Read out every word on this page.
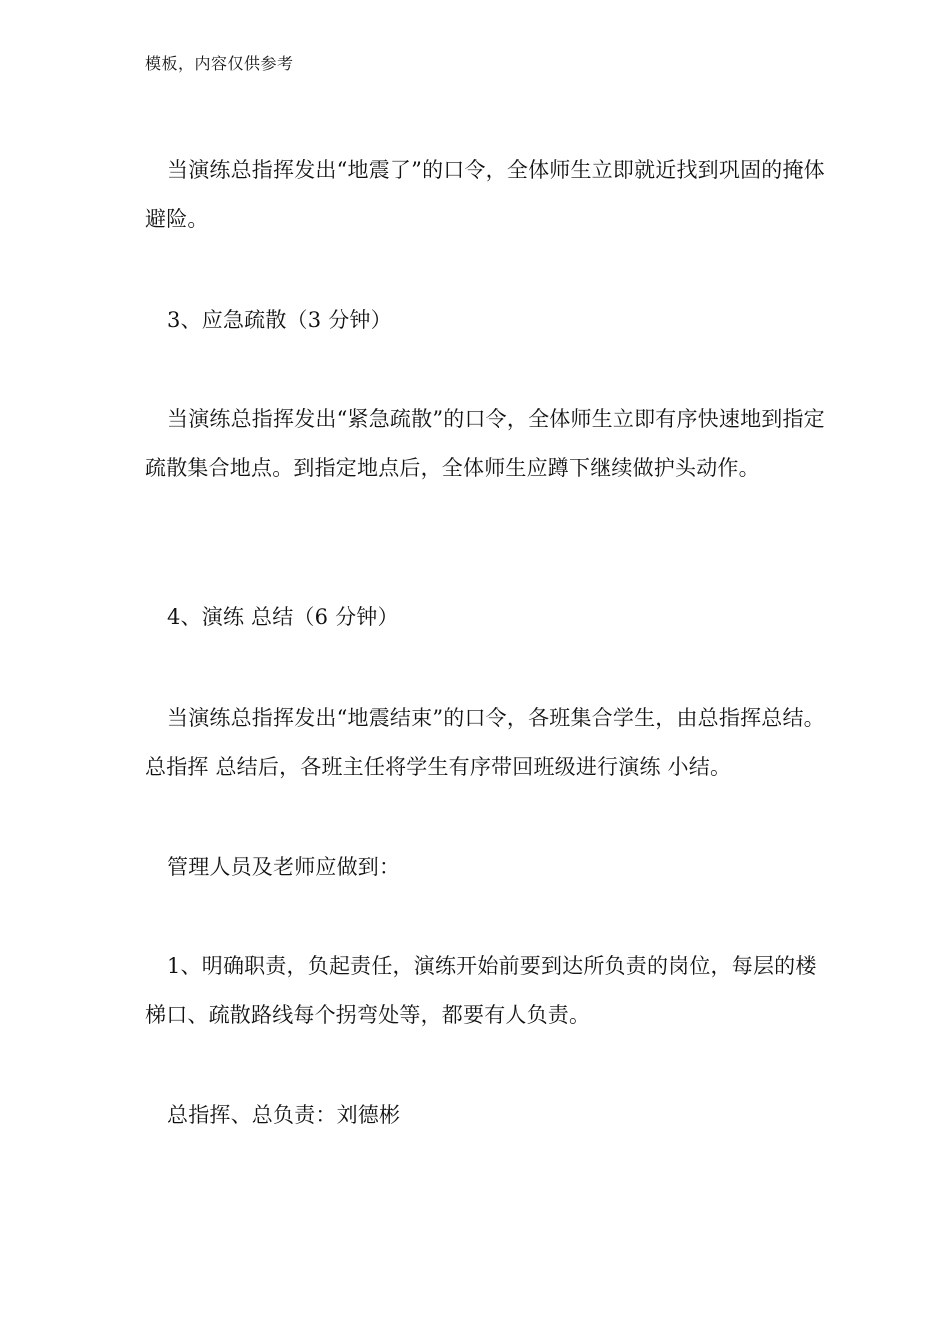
模板，内容仅供参考

当演练总指挥发出“地震了”的口令，全体师生立即就近找到巩固的掩体避险。

3、应急疏散（3 分钟）

当演练总指挥发出“紧急疏散”的口令，全体师生立即有序快速地到指定疏散集合地点。到指定地点后，全体师生应蹲下继续做护头动作。

4、演练 总结（6 分钟）

当演练总指挥发出“地震结束”的口令，各班集合学生，由总指挥总结。总指挥 总结后，各班主任将学生有序带回班级进行演练 小结。

管理人员及老师应做到：

1、明确职责，负起责任，演练开始前要到达所负责的岗位，每层的楼梯口、疏散路线每个拐弯处等，都要有人负责。

总指挥、总负责：刘德彬
